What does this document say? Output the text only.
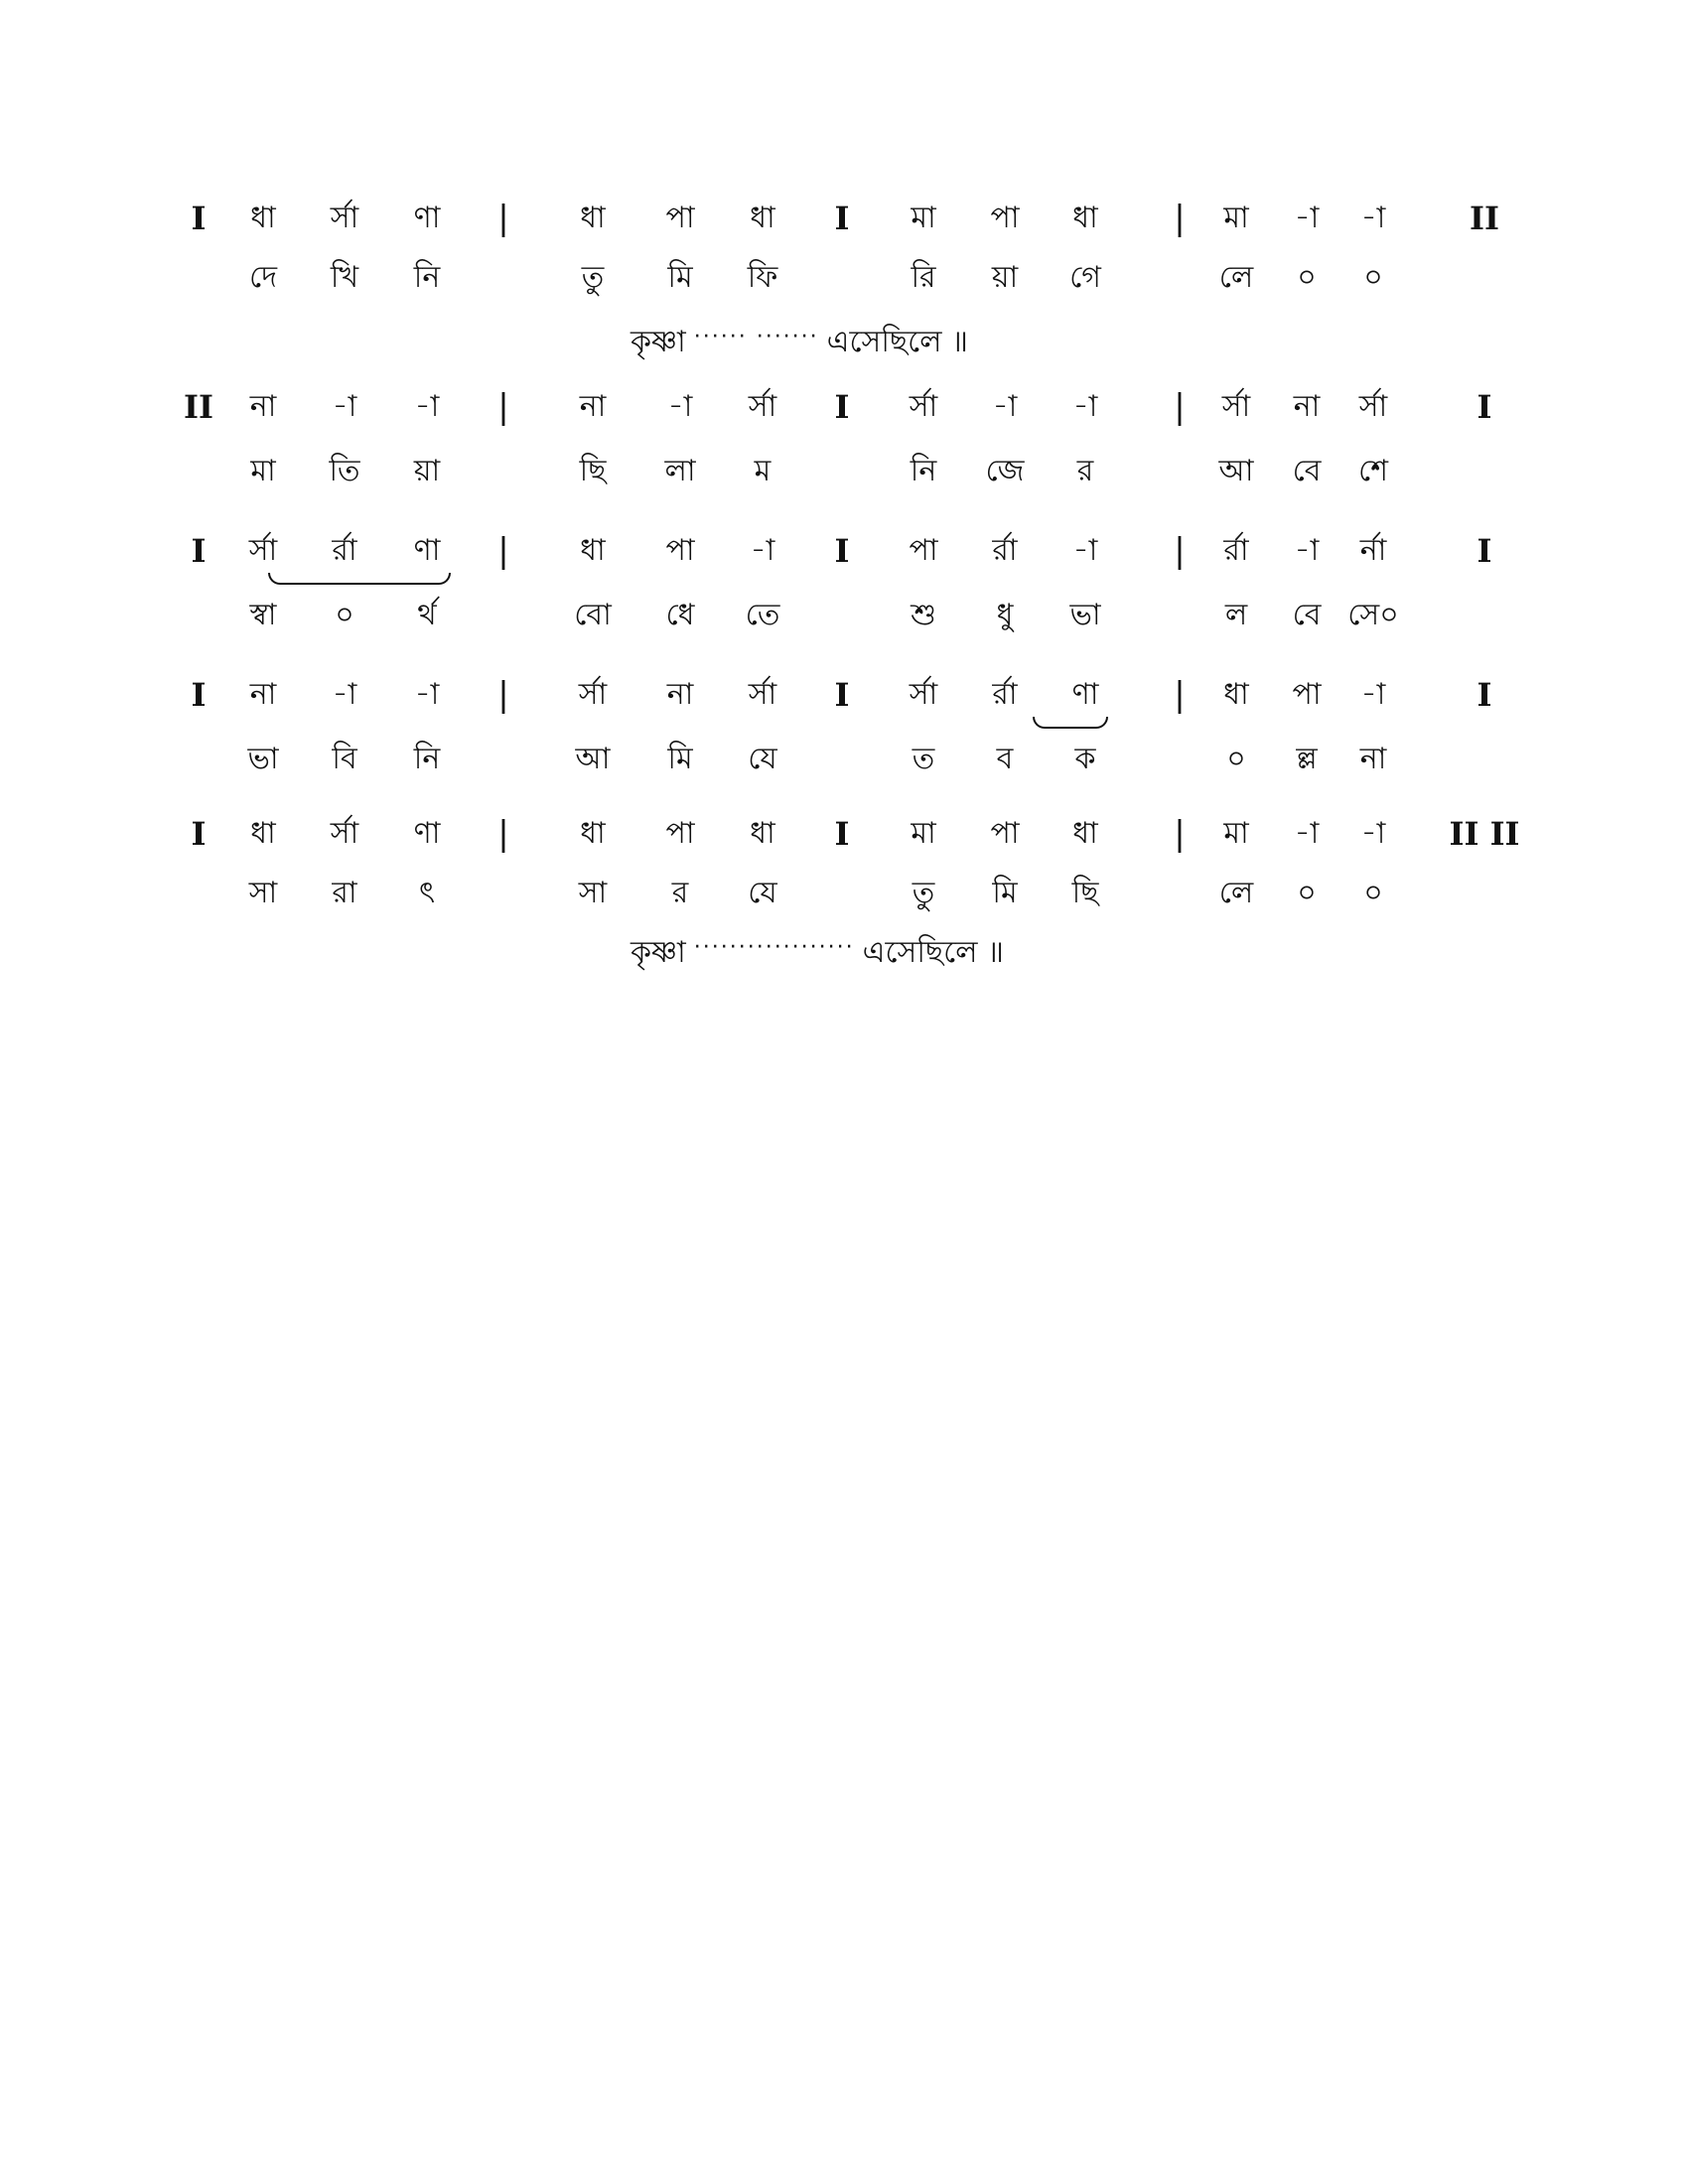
I ধা র্সা ণা | ধা পা ধা I মা পা ধা | মা -া -া	II
দে খি নি	তু মি ফি	রি য়া গে	লে ০ ০
II না -া -া | না -া র্সা I র্সা -া -া | র্সা না র্সা	I
মা তি য়া	ছি লা ম	নি জে র	আ বে শে
I র্সা র্রা ণা | ধা পা -া I পা র্রা -া | র্রা -া র্না	I
স্বা ০ র্থ	বো ধে তে	শু ধু ভা	ল বে সে০
I না -া -া | র্সা না র্সা I র্সা র্রা ণা | ধা পা -া	I
ভা বি নি	আ মি যে	ত ব ক	০ ল্ল না
I ধা র্সা ণা | ধা পা ধা I মা পা ধা | মা -া -া II II
সা রা ৎ	সা র যে	তু মি ছি	লে ০ ০
কৃষ্ণা ······ ······· এসেছিলে ॥
কৃষ্ণা ·················· এসেছিলে ॥
